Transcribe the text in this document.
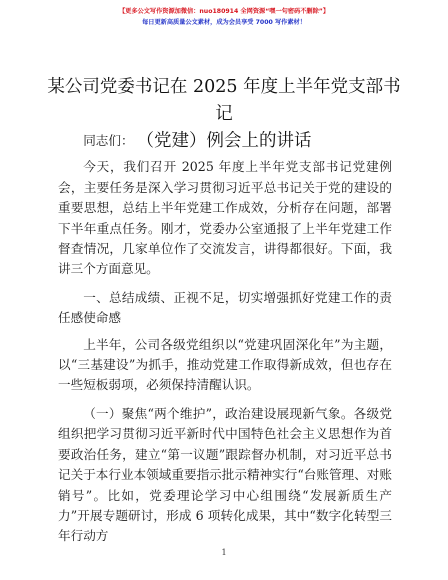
【更多公文写作资源加微信：nuo180914 全网资源“嘿一句密码不删除”】
每日更新高质量公文素材，成为会员享受 7000 写作素材！
某公司党委书记在 2025 年度上半年党支部书记
（党建）例会上的讲话

同志们：

今天，我们召开 2025 年度上半年党支部书记党建例会，主要任务是深入学习贯彻习近平总书记关于党的建设的重要思想，总结上半年党建工作成效，分析存在问题，部署下半年重点任务。刚才，党委办公室通报了上半年党建工作督查情况，几家单位作了交流发言，讲得都很好。下面，我讲三个方面意见。

一、总结成绩、正视不足，切实增强抓好党建工作的责任感使命感

上半年，公司各级党组织以“党建巩固深化年”为主题，以“三基建设”为抓手，推动党建工作取得新成效，但也存在一些短板弱项，必须保持清醒认识。

（一）聚焦“两个维护”，政治建设展现新气象。各级党组织把学习贯彻习近平新时代中国特色社会主义思想作为首要政治任务，建立“第一议题”跟踪督办机制，对习近平总书记关于本行业本领域重要指示批示精神实行“台账管理、对账销号”。比如，党委理论学习中心组围绕“发展新质生产力”开展专题研讨，形成 6 项转化成果，其中“数字化转型三年行动方

1
